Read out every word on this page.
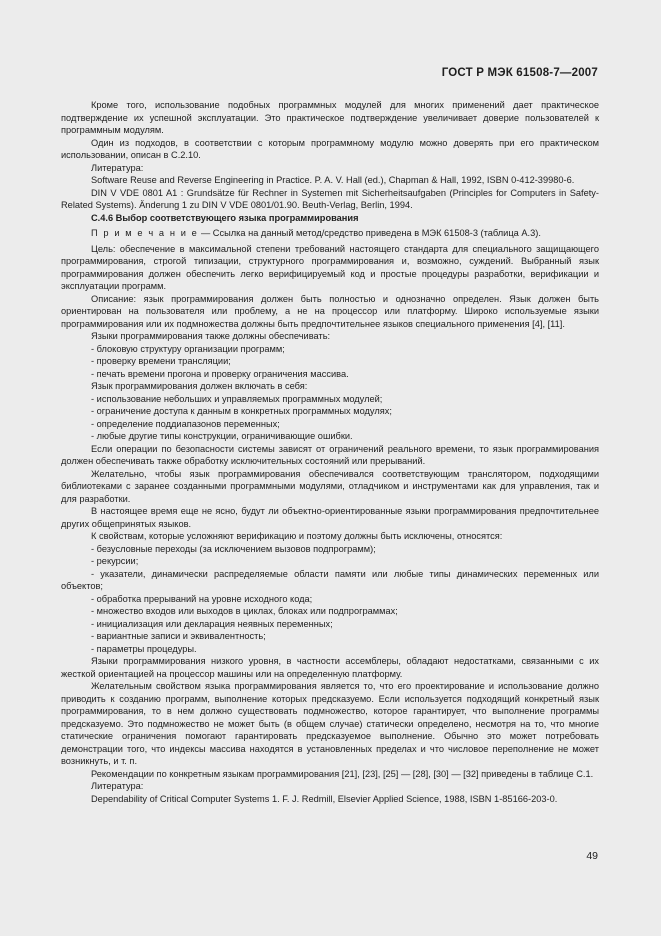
ГОСТ Р МЭК 61508-7—2007

Кроме того, использование подобных программных модулей для многих применений дает практическое подтверждение их успешной эксплуатации. Это практическое подтверждение увеличивает доверие пользователей к программным модулям.

Один из подходов, в соответствии с которым программному модулю можно доверять при его практическом использовании, описан в С.2.10.

Литература:

Software Reuse and Reverse Engineering in Practice. P. A. V. Hall (ed.), Chapman & Hall, 1992, ISBN 0-412-39980-6.

DIN V VDE 0801 A1 : Grundsätze für Rechner in Systemen mit Sicherheitsaufgaben (Principles for Computers in Safety-Related Systems). Änderung 1 zu DIN V VDE 0801/01.90. Beuth-Verlag, Berlin, 1994.

С.4.6 Выбор соответствующего языка программирования

П р и м е ч а н и е — Ссылка на данный метод/средство приведена в МЭК 61508-3 (таблица А.3).

Цель: обеспечение в максимальной степени требований настоящего стандарта для специального защищающего программирования, строгой типизации, структурного программирования и, возможно, суждений. Выбранный язык программирования должен обеспечить легко верифицируемый код и простые процедуры разработки, верификации и эксплуатации программ.

Описание: язык программирования должен быть полностью и однозначно определен. Язык должен быть ориентирован на пользователя или проблему, а не на процессор или платформу. Широко используемые языки программирования или их подмножества должны быть предпочтительнее языков специального применения [4], [11].

Языки программирования также должны обеспечивать:

- блоковую структуру организации программ;

- проверку времени трансляции;

- печать времени прогона и проверку ограничения массива.

Язык программирования должен включать в себя:

- использование небольших и управляемых программных модулей;

- ограничение доступа к данным в конкретных программных модулях;

- определение поддиапазонов переменных;

- любые другие типы конструкции, ограничивающие ошибки.

Если операции по безопасности системы зависят от ограничений реального времени, то язык программирования должен обеспечивать также обработку исключительных состояний или прерываний.

Желательно, чтобы язык программирования обеспечивался соответствующим транслятором, подходящими библиотеками с заранее созданными программными модулями, отладчиком и инструментами как для управления, так и для разработки.

В настоящее время еще не ясно, будут ли объектно-ориентированные языки программирования предпочтительнее других общепринятых языков.

К свойствам, которые усложняют верификацию и поэтому должны быть исключены, относятся:

- безусловные переходы (за исключением вызовов подпрограмм);

- рекурсии;

- указатели, динамически распределяемые области памяти или любые типы динамических переменных или объектов;

- обработка прерываний на уровне исходного кода;

- множество входов или выходов в циклах, блоках или подпрограммах;

- инициализация или декларация неявных переменных;

- вариантные записи и эквивалентность;

- параметры процедуры.

Языки программирования низкого уровня, в частности ассемблеры, обладают недостатками, связанными с их жесткой ориентацией на процессор машины или на определенную платформу.

Желательным свойством языка программирования является то, что его проектирование и использование должно приводить к созданию программ, выполнение которых предсказуемо. Если используется подходящий конкретный язык программирования, то в нем должно существовать подмножество, которое гарантирует, что выполнение программы предсказуемо. Это подмножество не может быть (в общем случае) статически определено, несмотря на то, что многие статические ограничения помогают гарантировать предсказуемое выполнение. Обычно это может потребовать демонстрации того, что индексы массива находятся в установленных пределах и что числовое переполнение не может возникнуть, и т. п.

Рекомендации по конкретным языкам программирования [21], [23], [25] — [28], [30] — [32] приведены в таблице С.1.

Литература:

Dependability of Critical Computer Systems 1. F. J. Redmill, Elsevier Applied Science, 1988, ISBN 1-85166-203-0.

49
